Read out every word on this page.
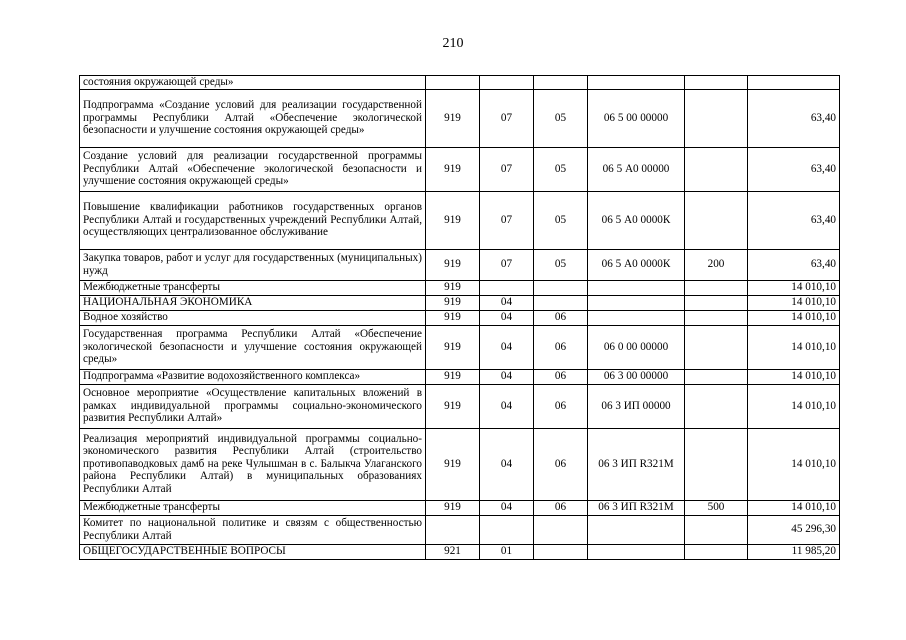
210
состояния окружающей среды»						
Подпрограмма «Создание условий для реализации государственной программы Республики Алтай «Обеспечение экологической безопасности и улучшение состояния окружающей среды»	919	07	05	06 5 00 00000		63,40
Создание условий для реализации государственной программы Республики Алтай «Обеспечение экологической безопасности и улучшение состояния окружающей среды»	919	07	05	06 5 А0 00000		63,40
Повышение квалификации работников государственных органов Республики Алтай и государственных учреждений Республики Алтай, осуществляющих централизованное обслуживание	919	07	05	06 5 А0 0000К		63,40
Закупка товаров, работ и услуг для государственных (муниципальных) нужд	919	07	05	06 5 А0 0000К	200	63,40
Межбюджетные трансферты	919					14 010,10
НАЦИОНАЛЬНАЯ ЭКОНОМИКА	919	04				14 010,10
Водное хозяйство	919	04	06			14 010,10
Государственная программа Республики Алтай «Обеспечение экологической безопасности и улучшение состояния окружающей среды»	919	04	06	06 0 00 00000		14 010,10
Подпрограмма «Развитие водохозяйственного комплекса»	919	04	06	06 3 00 00000		14 010,10
Основное мероприятие «Осуществление капитальных вложений в рамках индивидуальной программы социально-экономического развития Республики Алтай»	919	04	06	06 3 ИП 00000		14 010,10
Реализация мероприятий индивидуальной программы социально-экономического развития Республики Алтай (строительство противопаводковых дамб на реке Чулышман в с. Балыкча Улаганского района Республики Алтай) в муниципальных образованиях Республики Алтай	919	04	06	06 3 ИП R321M		14 010,10
Межбюджетные трансферты	919	04	06	06 3 ИП R321M	500	14 010,10
Комитет по национальной политике и связям с общественностью Республики Алтай						45 296,30
ОБЩЕГОСУДАРСТВЕННЫЕ ВОПРОСЫ	921	01				11 985,20
